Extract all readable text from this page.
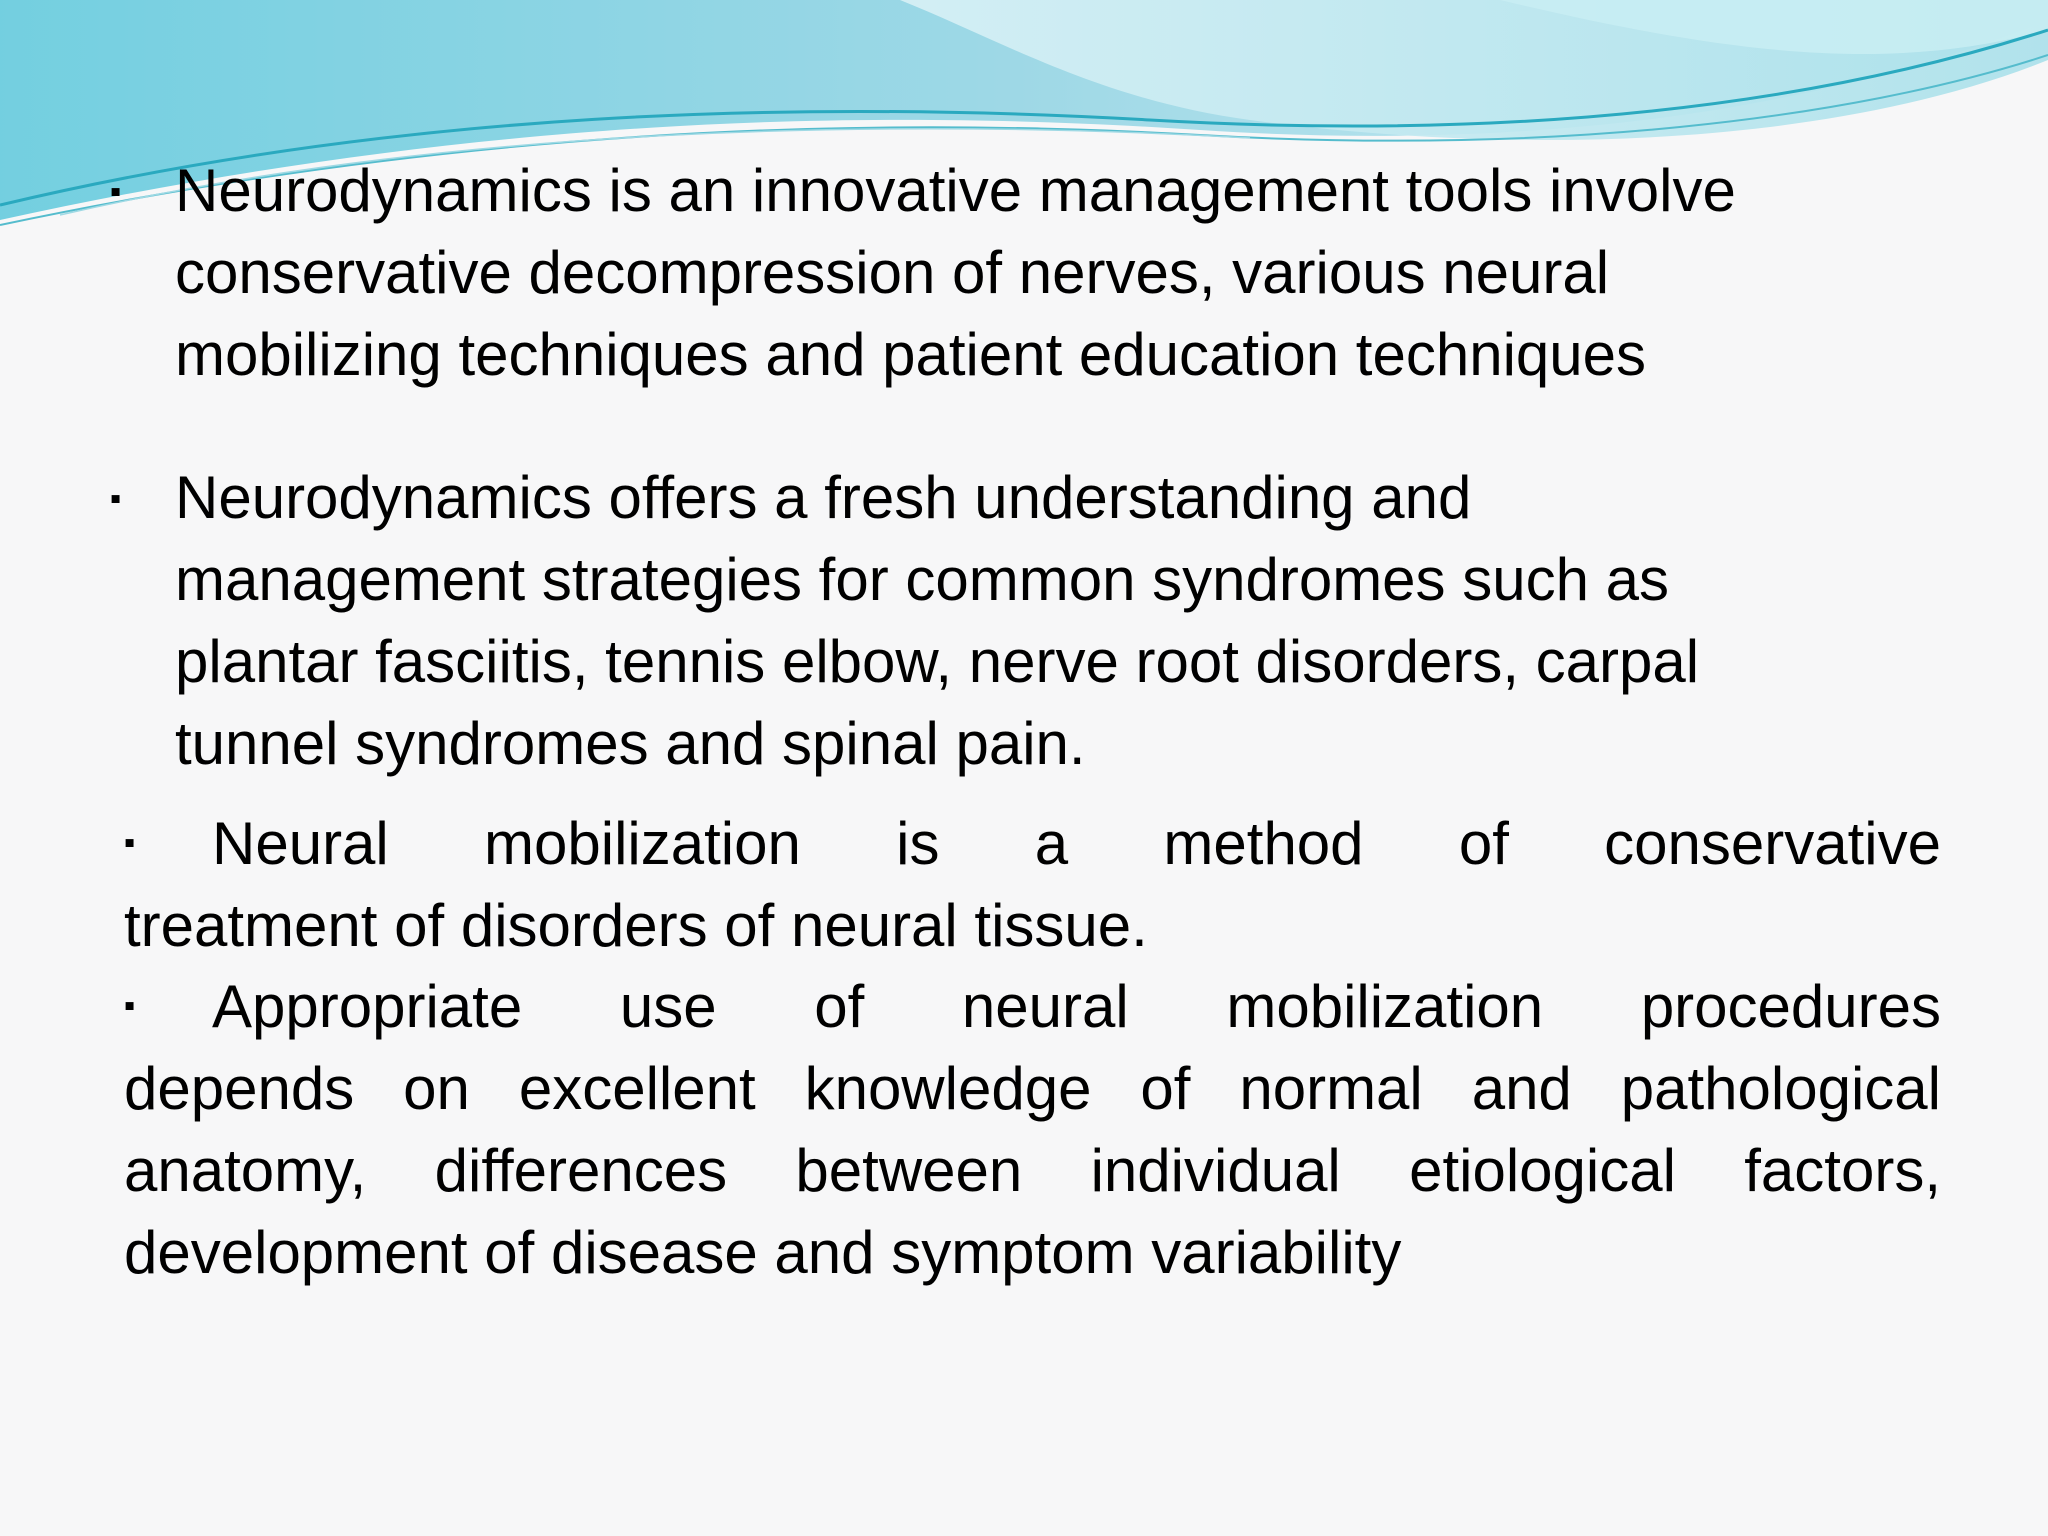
▪ Neurodynamics is an innovative management tools involve
conservative decompression of nerves, various neural
mobilizing techniques and patient education techniques
▪ Neurodynamics offers a fresh understanding and
management strategies for common syndromes such as
plantar fasciitis, tennis elbow, nerve root disorders, carpal
tunnel syndromes and spinal pain.
▪ Neural mobilization is a method of conservative
treatment of disorders of neural tissue.
▪ Appropriate use of neural mobilization procedures
depends on excellent knowledge of normal and pathological
anatomy, differences between individual etiological factors,
development of disease and symptom variability
